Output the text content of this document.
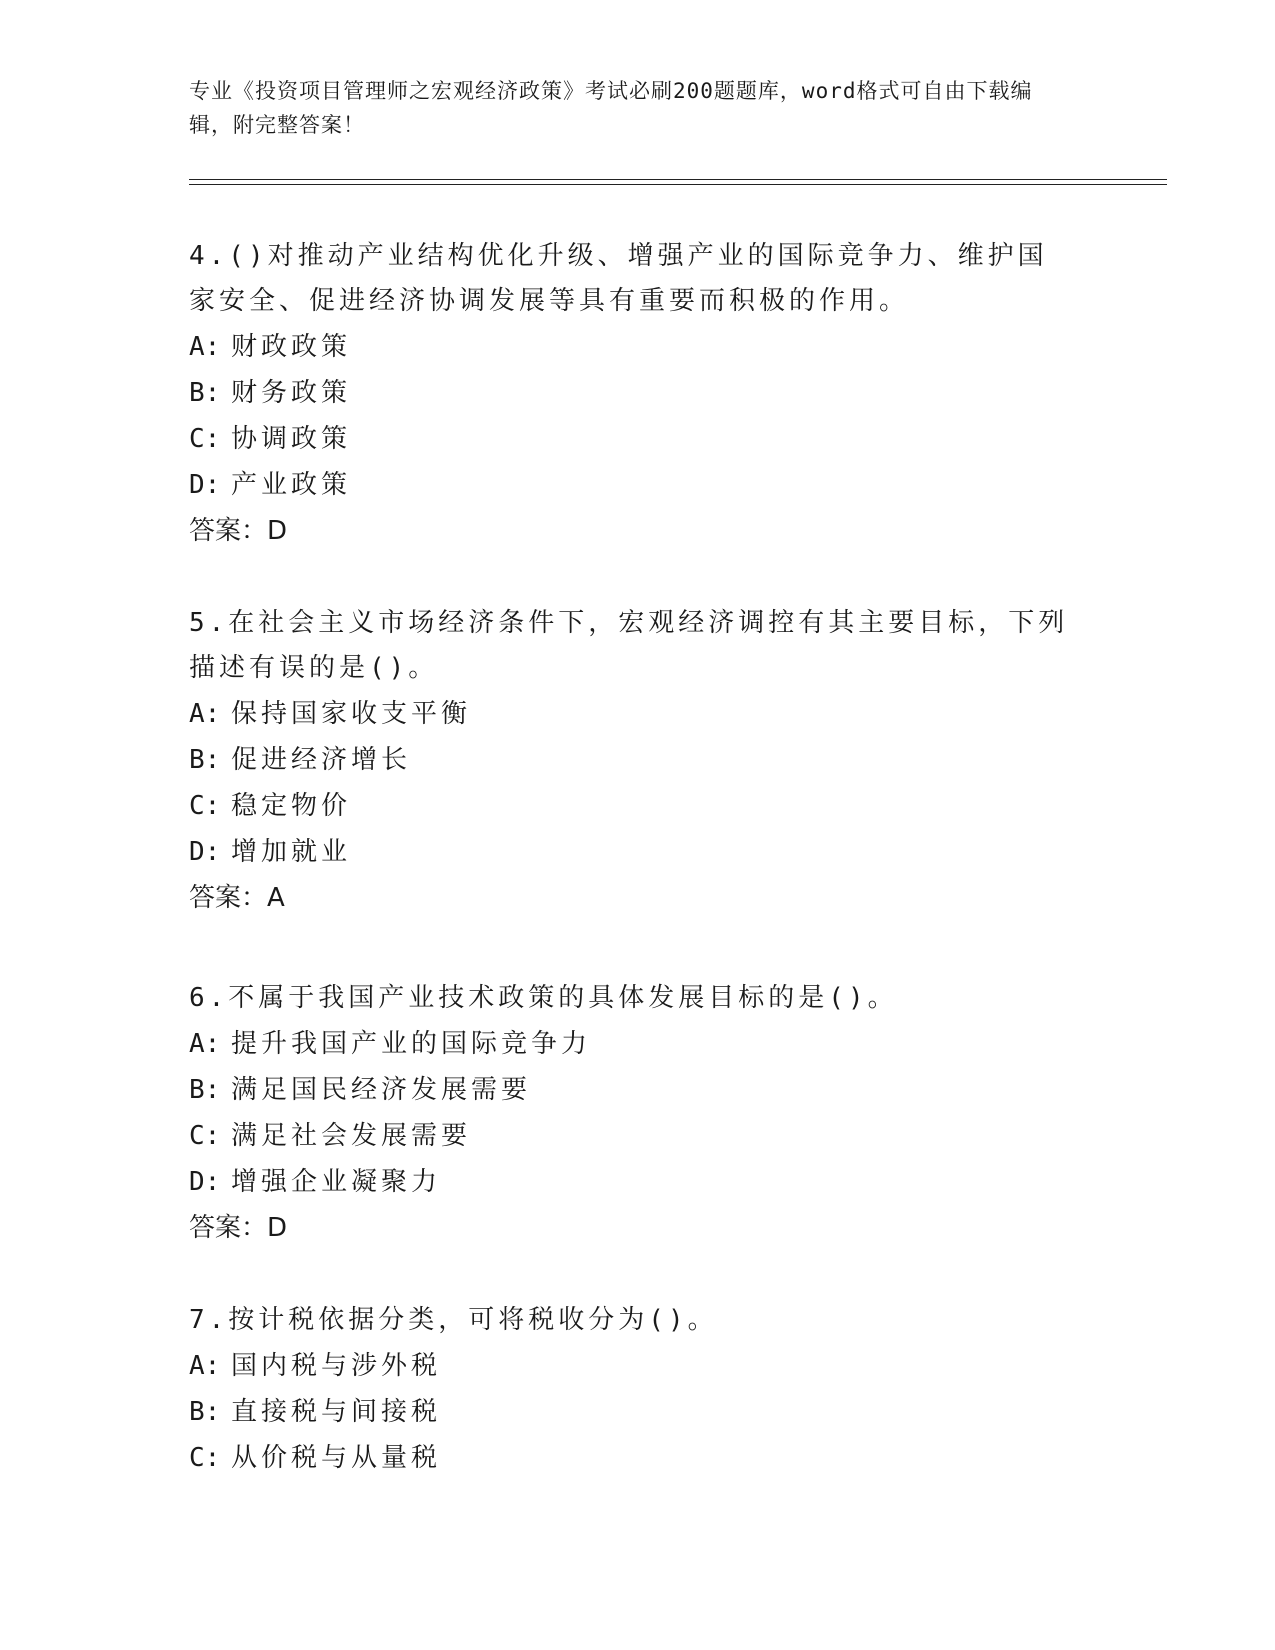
专业《投资项目管理师之宏观经济政策》考试必刷200题题库，word格式可自由下载编辑，附完整答案！

4.()对推动产业结构优化升级、增强产业的国际竞争力、维护国家安全、促进经济协调发展等具有重要而积极的作用。

A: 财政政策

B: 财务政策

C: 协调政策

D: 产业政策

答案：D

5.在社会主义市场经济条件下，宏观经济调控有其主要目标，下列描述有误的是()。

A: 保持国家收支平衡

B: 促进经济增长

C: 稳定物价

D: 增加就业

答案：A

6.不属于我国产业技术政策的具体发展目标的是()。

A: 提升我国产业的国际竞争力

B: 满足国民经济发展需要

C: 满足社会发展需要

D: 增强企业凝聚力

答案：D

7.按计税依据分类，可将税收分为()。

A: 国内税与涉外税

B: 直接税与间接税

C: 从价税与从量税
